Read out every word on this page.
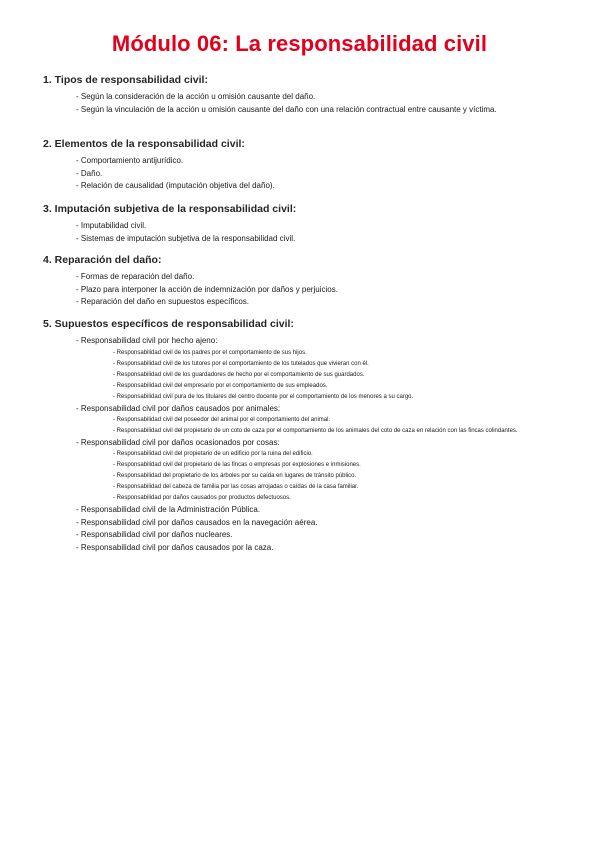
Módulo 06: La responsabilidad civil
1. Tipos de responsabilidad civil:
- Según la consideración de la acción u omisión causante del daño.
- Según la vinculación de la acción u omisión causante del daño con una relación contractual entre causante y víctima.
2. Elementos de la responsabilidad civil:
- Comportamiento antijurídico.
- Daño.
- Relación de causalidad (imputación objetiva del daño).
3. Imputación subjetiva de la responsabilidad civil:
- Imputabilidad civil.
- Sistemas de imputación subjetiva de la responsabilidad civil.
4. Reparación del daño:
- Formas de reparación del daño.
- Plazo para interponer la acción de indemnización por daños y perjuicios.
- Reparación del daño en supuestos específicos.
5. Supuestos específicos de responsabilidad civil:
- Responsabilidad civil por hecho ajeno:
- Responsabilidad civil de los padres por el comportamiento de sus hijos.
- Responsabilidad civil de los tutores por el comportamiento de los tutelados que vivieran con él.
- Responsabilidad civil de los guardadores de hecho por el comportamiento de sus guardados.
- Responsabilidad civil del empresario por el comportamiento de sus empleados.
- Responsabilidad civil pura de los titulares del centro docente por el comportamiento de los menores a su cargo.
- Responsabilidad civil por daños causados por animales:
- Responsabilidad civil del poseedor del animal por el comportamiento del animal.
- Responsabilidad civil del propietario de un coto de caza por el comportamiento de los animales del coto de caza en relación con las fincas colindantes.
- Responsabilidad civil por daños ocasionados por cosas:
- Responsabilidad civil del propietario de un edificio por la ruina del edificio.
- Responsabilidad civil del propietario de las fincas o empresas por explosiones e inmisiones.
- Responsabilidad del propietario de los árboles por su caída en lugares de tránsito público.
- Responsabilidad del cabeza de familia por las cosas arrojadas o caídas de la casa familiar.
- Responsabilidad por daños causados por productos defectuosos.
- Responsabilidad civil de la Administración Pública.
- Responsabilidad civil por daños causados en la navegación aérea.
- Responsabilidad civil por daños nucleares.
- Responsabilidad civil por daños causados por la caza.
